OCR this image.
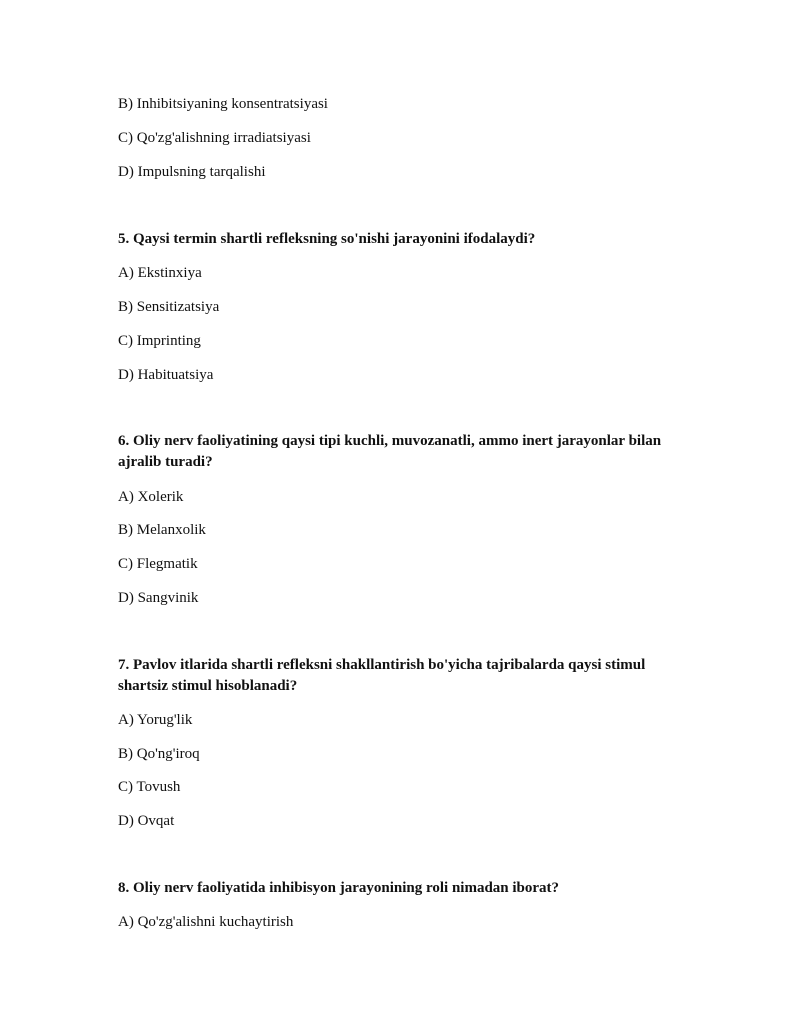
B) Inhibitsiyaning konsentratsiyasi
C) Qo'zg'alishning irradiatsiyasi
D) Impulsning tarqalishi
5. Qaysi termin shartli refleksning so'nishi jarayonini ifodalaydi?
A) Ekstinxiya
B) Sensitizatsiya
C) Imprinting
D) Habituatsiya
6. Oliy nerv faoliyatining qaysi tipi kuchli, muvozanatli, ammo inert jarayonlar bilan ajralib turadi?
A) Xolerik
B) Melanxolik
C) Flegmatik
D) Sangvinik
7. Pavlov itlarida shartli refleksni shakllantirish bo'yicha tajribalarda qaysi stimul shartsiz stimul hisoblanadi?
A) Yorug'lik
B) Qo'ng'iroq
C) Tovush
D) Ovqat
8. Oliy nerv faoliyatida inhibisyon jarayonining roli nimadan iborat?
A) Qo'zg'alishni kuchaytirish
